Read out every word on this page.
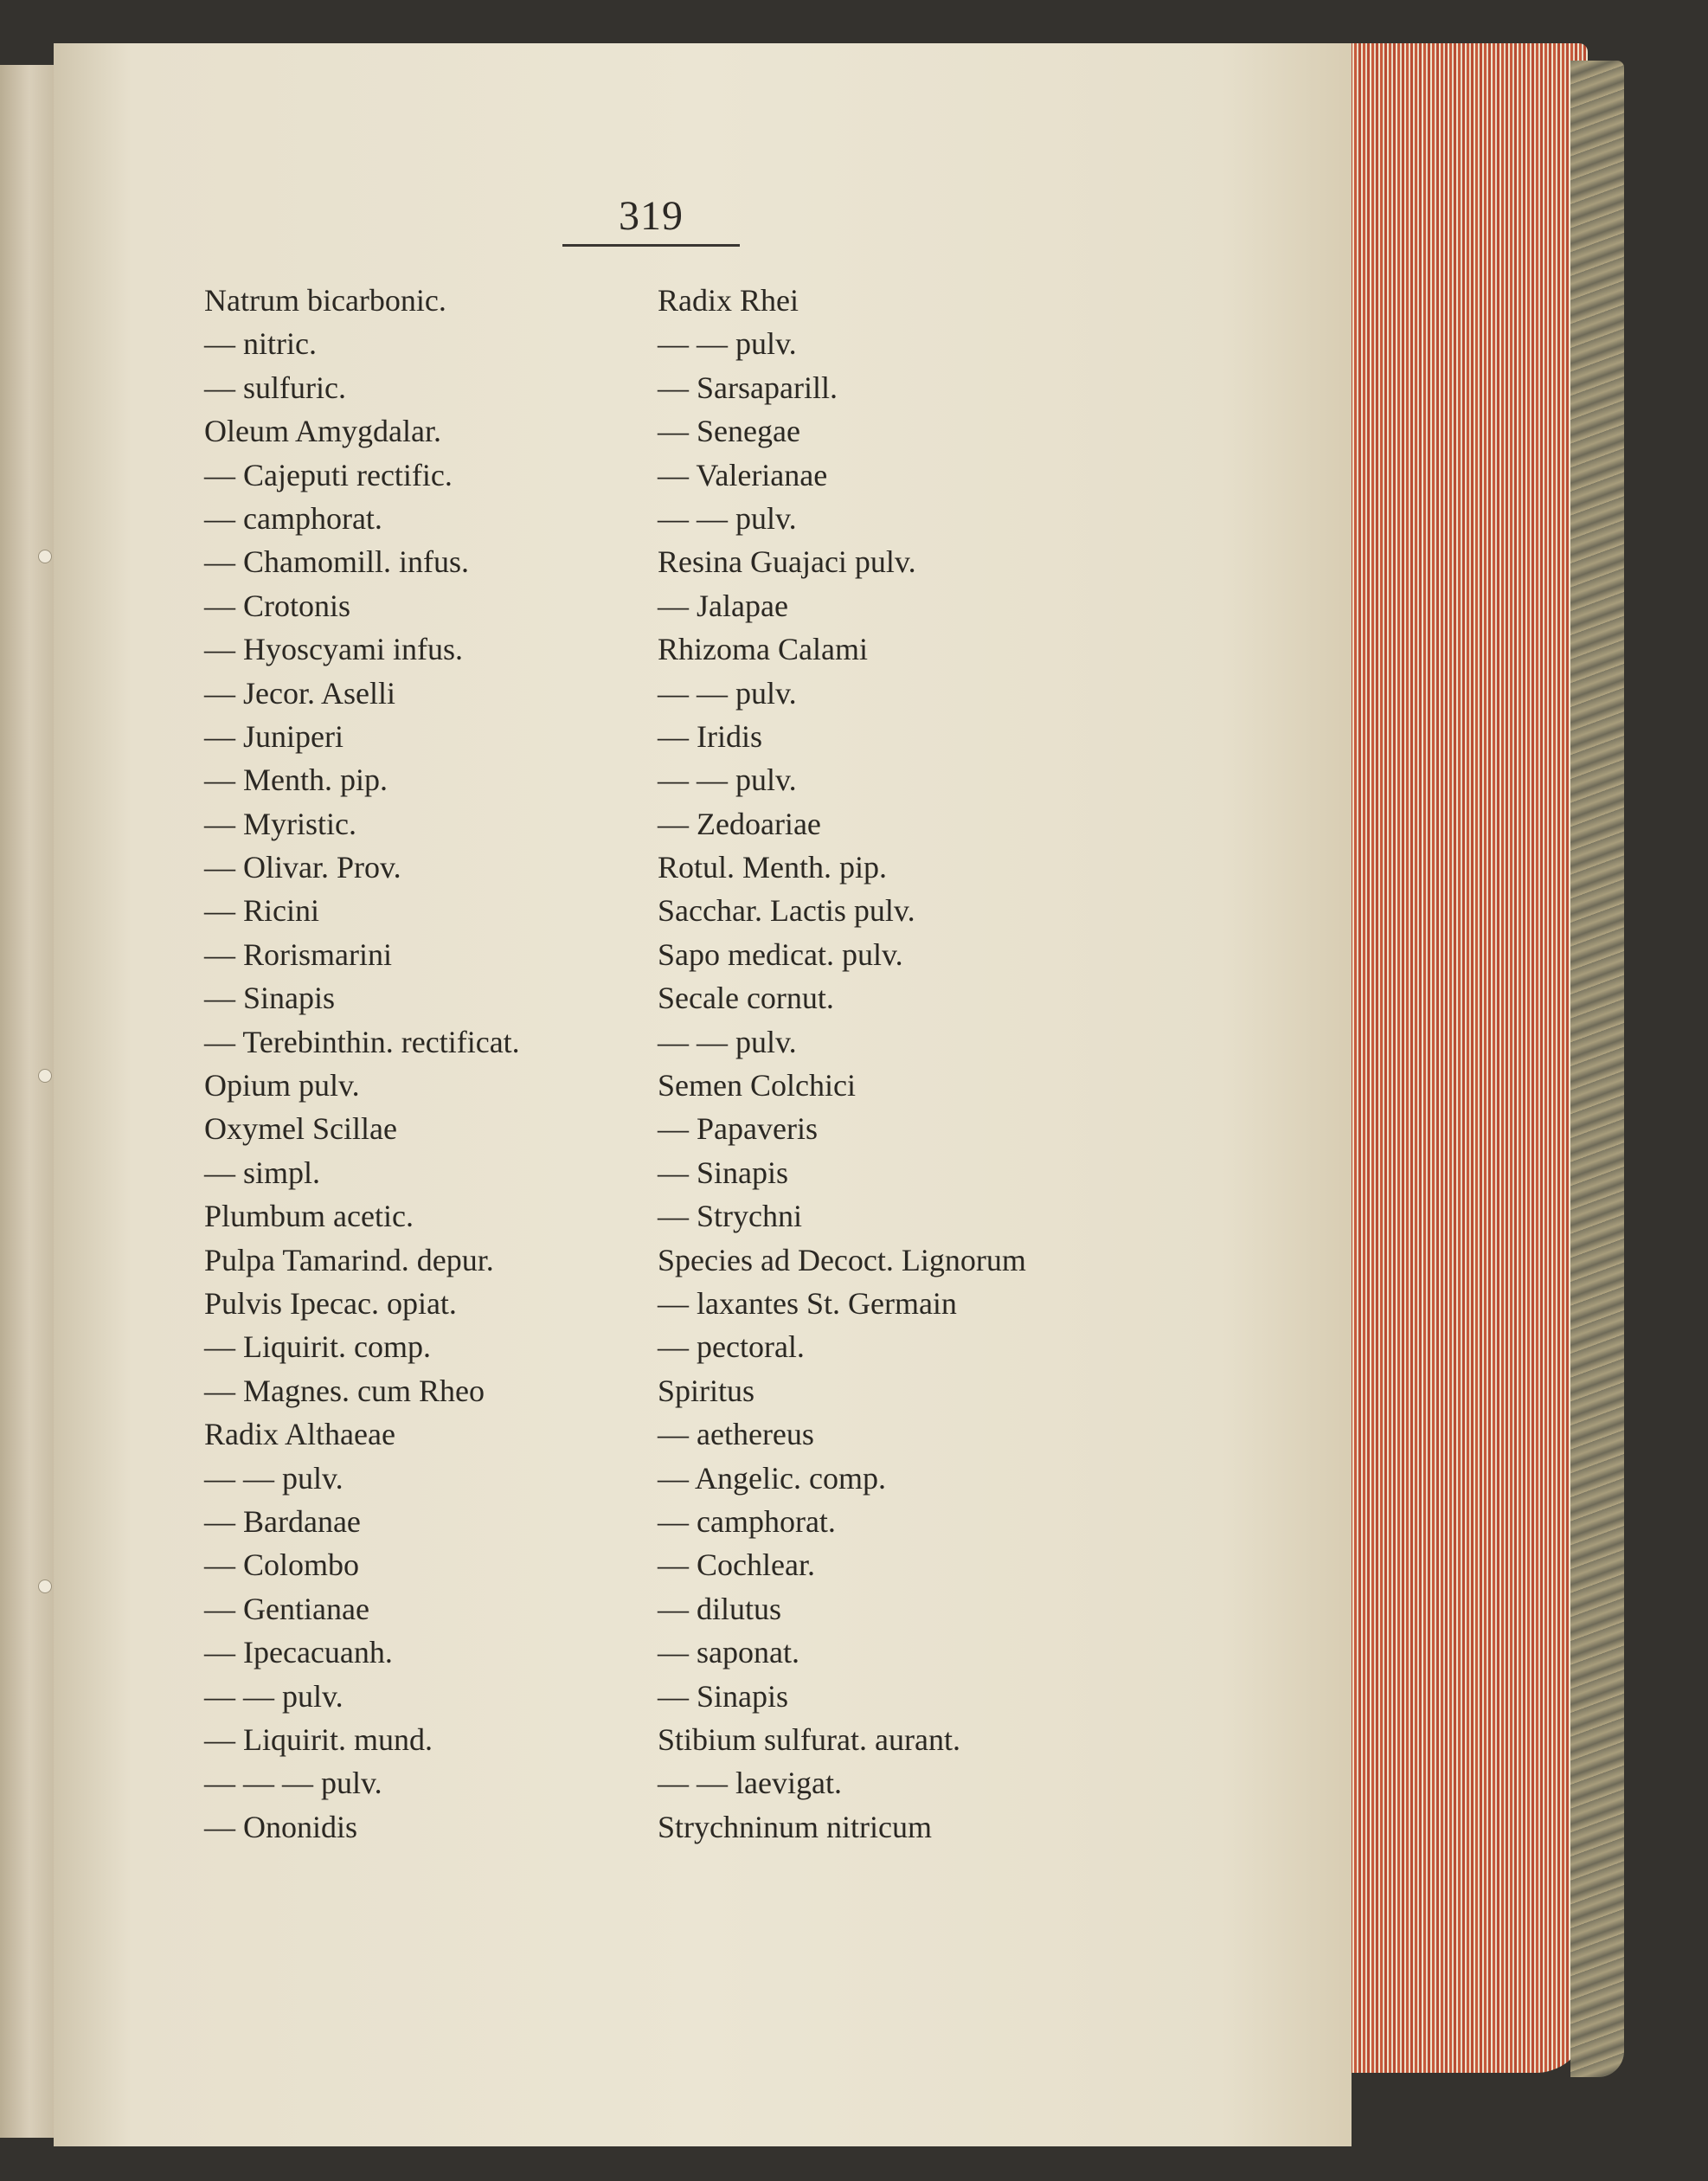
319
Natrum bicarbonic.
— nitric.
— sulfuric.
Oleum Amygdalar.
— Cajeputi rectific.
— camphorat.
— Chamomill. infus.
— Crotonis
— Hyoscyami infus.
— Jecor. Aselli
— Juniperi
— Menth. pip.
— Myristic.
— Olivar. Prov.
— Ricini
— Rorismarini
— Sinapis
— Terebinthin. rectificat.
Opium pulv.
Oxymel Scillae
— simpl.
Plumbum acetic.
Pulpa Tamarind. depur.
Pulvis Ipecac. opiat.
— Liquirit. comp.
— Magnes. cum Rheo
Radix Althaeae
— — pulv.
— Bardanae
— Colombo
— Gentianae
— Ipecacuanh.
— — pulv.
— Liquirit. mund.
— — — pulv.
— Ononidis
Radix Rhei
— — pulv.
— Sarsaparill.
— Senegae
— Valerianae
— — pulv.
Resina Guajaci pulv.
— Jalapae
Rhizoma Calami
— — pulv.
— Iridis
— — pulv.
— Zedoariae
Rotul. Menth. pip.
Sacchar. Lactis pulv.
Sapo medicat. pulv.
Secale cornut.
— — pulv.
Semen Colchici
— Papaveris
— Sinapis
— Strychni
Species ad Decoct. Lignorum
— laxantes St. Germain
— pectoral.
Spiritus
— aethereus
— Angelic. comp.
— camphorat.
— Cochlear.
— dilutus
— saponat.
— Sinapis
Stibium sulfurat. aurant.
— — laevigat.
Strychninum nitricum
